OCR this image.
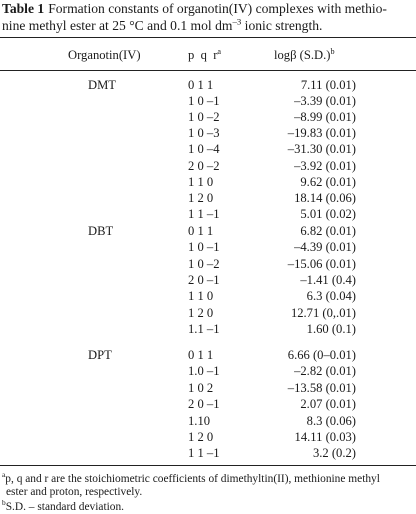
Table 1 Formation constants of organotin(IV) complexes with methio-
nine methyl ester at 25 °C and 0.1 mol $dm^{-3}$ ionic strength.
Organotin(IV)	p  q  $r^a$	logβ $(S.D.)^b$
DMT	0 1 1	7.11 (0.01)
1 0 –1	–3.39 (0.01)
1 0 –2	–8.99 (0.01)
1 0 –3	–19.83 (0.01)
1 0 –4	–31.30 (0.01)
2 0 –2	–3.92 (0.01)
1 1 0	9.62 (0.01)
1 2 0	18.14 (0.06)
1 1 –1	5.01 (0.02)
DBT	0 1 1	6.82 (0.01)
1 0 –1	–4.39 (0.01)
1 0 –2	–15.06 (0.01)
2 0 –1	–1.41 (0.4)
1 1 0	6.3 (0.04)
1 2 0	12.71 (0,.01)
1.1 –1	1.60 (0.1)
DPT	0 1 1	6.66 (0–0.01)
1.0 –1	–2.82 (0.01)
1 0 2	–13.58 (0.01)
2 0 –1	2.07 (0.01)
1.10	8.3 (0.06)
1 2 0	14.11 (0.03)
1 1 –1	3.2 (0.2)
$^a$p, q and r are the stoichiometric coefficients of dimethyltin(II), methionine methyl
ester and proton, respectively.
$^b$S.D. – standard deviation.
